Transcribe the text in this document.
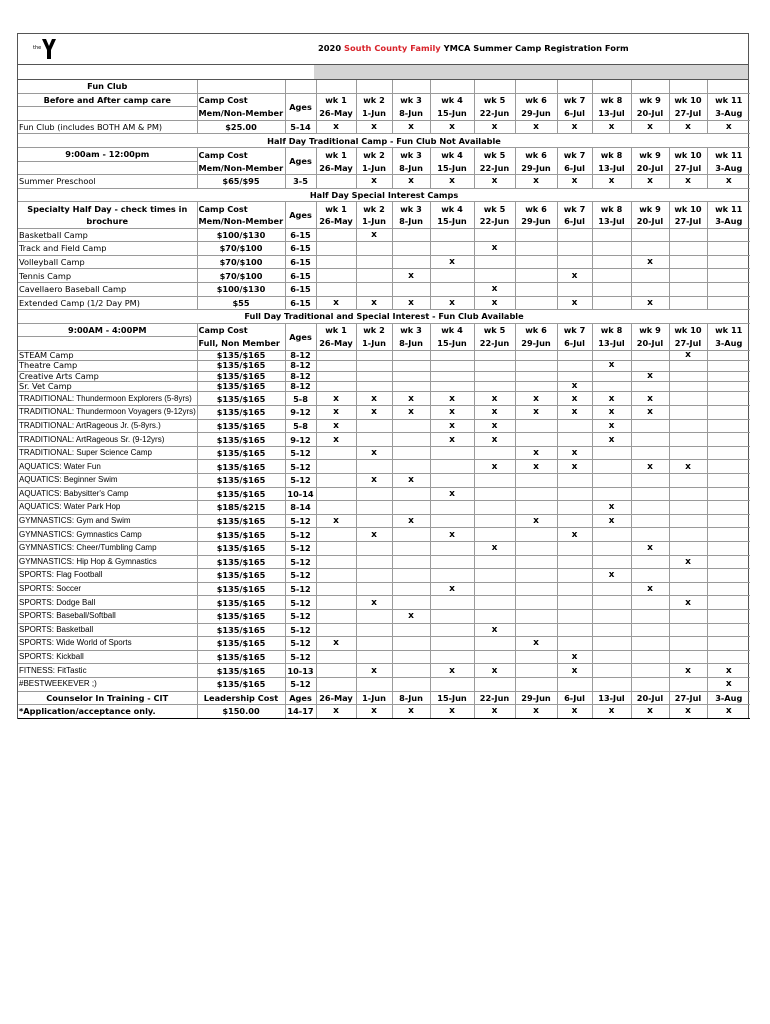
the	2020 South County Family YMCA Summer Camp Registration Form
Fun Club													
Before and After camp care	Camp Cost	Ages	wk 1	wk 2	wk 3	wk 4	wk 5	wk 6	wk 7	wk 8	wk 9	wk 10	wk 11
	Mem/Non-Member		26-May	1-Jun	8-Jun	15-Jun	22-Jun	29-Jun	6-Jul	13-Jul	20-Jul	27-Jul	3-Aug
Fun Club (includes BOTH AM & PM)	$25.00	5-14	x	x	x	x	x	x	x	x	x	x	x
Half Day Traditional Camp - Fun Club Not Available													
9:00am - 12:00pm	Camp Cost	Ages	wk 1	wk 2	wk 3	wk 4	wk 5	wk 6	wk 7	wk 8	wk 9	wk 10	wk 11
	Mem/Non-Member		26-May	1-Jun	8-Jun	15-Jun	22-Jun	29-Jun	6-Jul	13-Jul	20-Jul	27-Jul	3-Aug
Summer Preschool	$65/$95	3-5		x	x	x	x	x	x	x	x	x	x
Half Day Special Interest Camps													
Specialty Half Day - check times in brochure	Camp Cost	Ages	wk 1	wk 2	wk 3	wk 4	wk 5	wk 6	wk 7	wk 8	wk 9	wk 10	wk 11
	Mem/Non-Member		26-May	1-Jun	8-Jun	15-Jun	22-Jun	29-Jun	6-Jul	13-Jul	20-Jul	27-Jul	3-Aug
Basketball Camp	$100/$130	6-15		x									
Track and Field Camp	$70/$100	6-15					x						
Volleyball Camp	$70/$100	6-15				x					x		
Tennis Camp	$70/$100	6-15			x				x				
Cavellaero Baseball Camp	$100/$130	6-15					x						
Extended Camp (1/2 Day PM)	$55	6-15	x	x	x	x	x		x		x		
Full Day Traditional and Special Interest - Fun Club Available													
9:00AM - 4:00PM	Camp Cost	Ages	wk 1	wk 2	wk 3	wk 4	wk 5	wk 6	wk 7	wk 8	wk 9	wk 10	wk 11
	Full, Non Member		26-May	1-Jun	8-Jun	15-Jun	22-Jun	29-Jun	6-Jul	13-Jul	20-Jul	27-Jul	3-Aug
STEAM Camp	$135/$165	8-12										x	
Theatre Camp	$135/$165	8-12								x			
Creative Arts Camp	$135/$165	8-12									x		
Sr. Vet Camp	$135/$165	8-12							x				
TRADITIONAL: Thundermoon Explorers (5-8yrs)	$135/$165	5-8	x	x	x	x	x	x	x	x	x		
TRADITIONAL: Thundermoon Voyagers (9-12yrs)	$135/$165	9-12	x	x	x	x	x	x	x	x	x		
TRADITIONAL: ArtRageous Jr. (5-8yrs.)	$135/$165	5-8	x			x	x			x			
TRADITIONAL: ArtRageous Sr. (9-12yrs)	$135/$165	9-12	x			x	x			x			
TRADITIONAL: Super Science Camp	$135/$165	5-12		x				x	x				
AQUATICS: Water Fun	$135/$165	5-12					x	x	x		x	x	
AQUATICS: Beginner Swim	$135/$165	5-12		x	x								
AQUATICS: Babysitter's Camp	$135/$165	10-14				x							
AQUATICS: Water Park Hop	$185/$215	8-14								x			
GYMNASTICS: Gym and Swim	$135/$165	5-12	x		x			x		x			
GYMNASTICS: Gymnastics Camp	$135/$165	5-12		x		x			x				
GYMNASTICS: Cheer/Tumbling Camp	$135/$165	5-12					x				x		
GYMNASTICS: Hip Hop & Gymnastics	$135/$165	5-12										x	
SPORTS: Flag Football	$135/$165	5-12								x			
SPORTS: Soccer	$135/$165	5-12				x					x		
SPORTS: Dodge Ball	$135/$165	5-12		x								x	
SPORTS: Baseball/Softball	$135/$165	5-12			x								
SPORTS: Basketball	$135/$165	5-12					x						
SPORTS: Wide World of Sports	$135/$165	5-12	x					x					
SPORTS: Kickball	$135/$165	5-12							x				
FITNESS: FitTastic	$135/$165	10-13		x		x	x		x			x	x
#BESTWEEKEVER ;)	$135/$165	5-12											x
Counselor In Training - CIT	Leadership Cost	Ages	26-May	1-Jun	8-Jun	15-Jun	22-Jun	29-Jun	6-Jul	13-Jul	20-Jul	27-Jul	3-Aug
*Application/acceptance only.	$150.00	14-17	x	x	x	x	x	x	x	x	x	x	x
